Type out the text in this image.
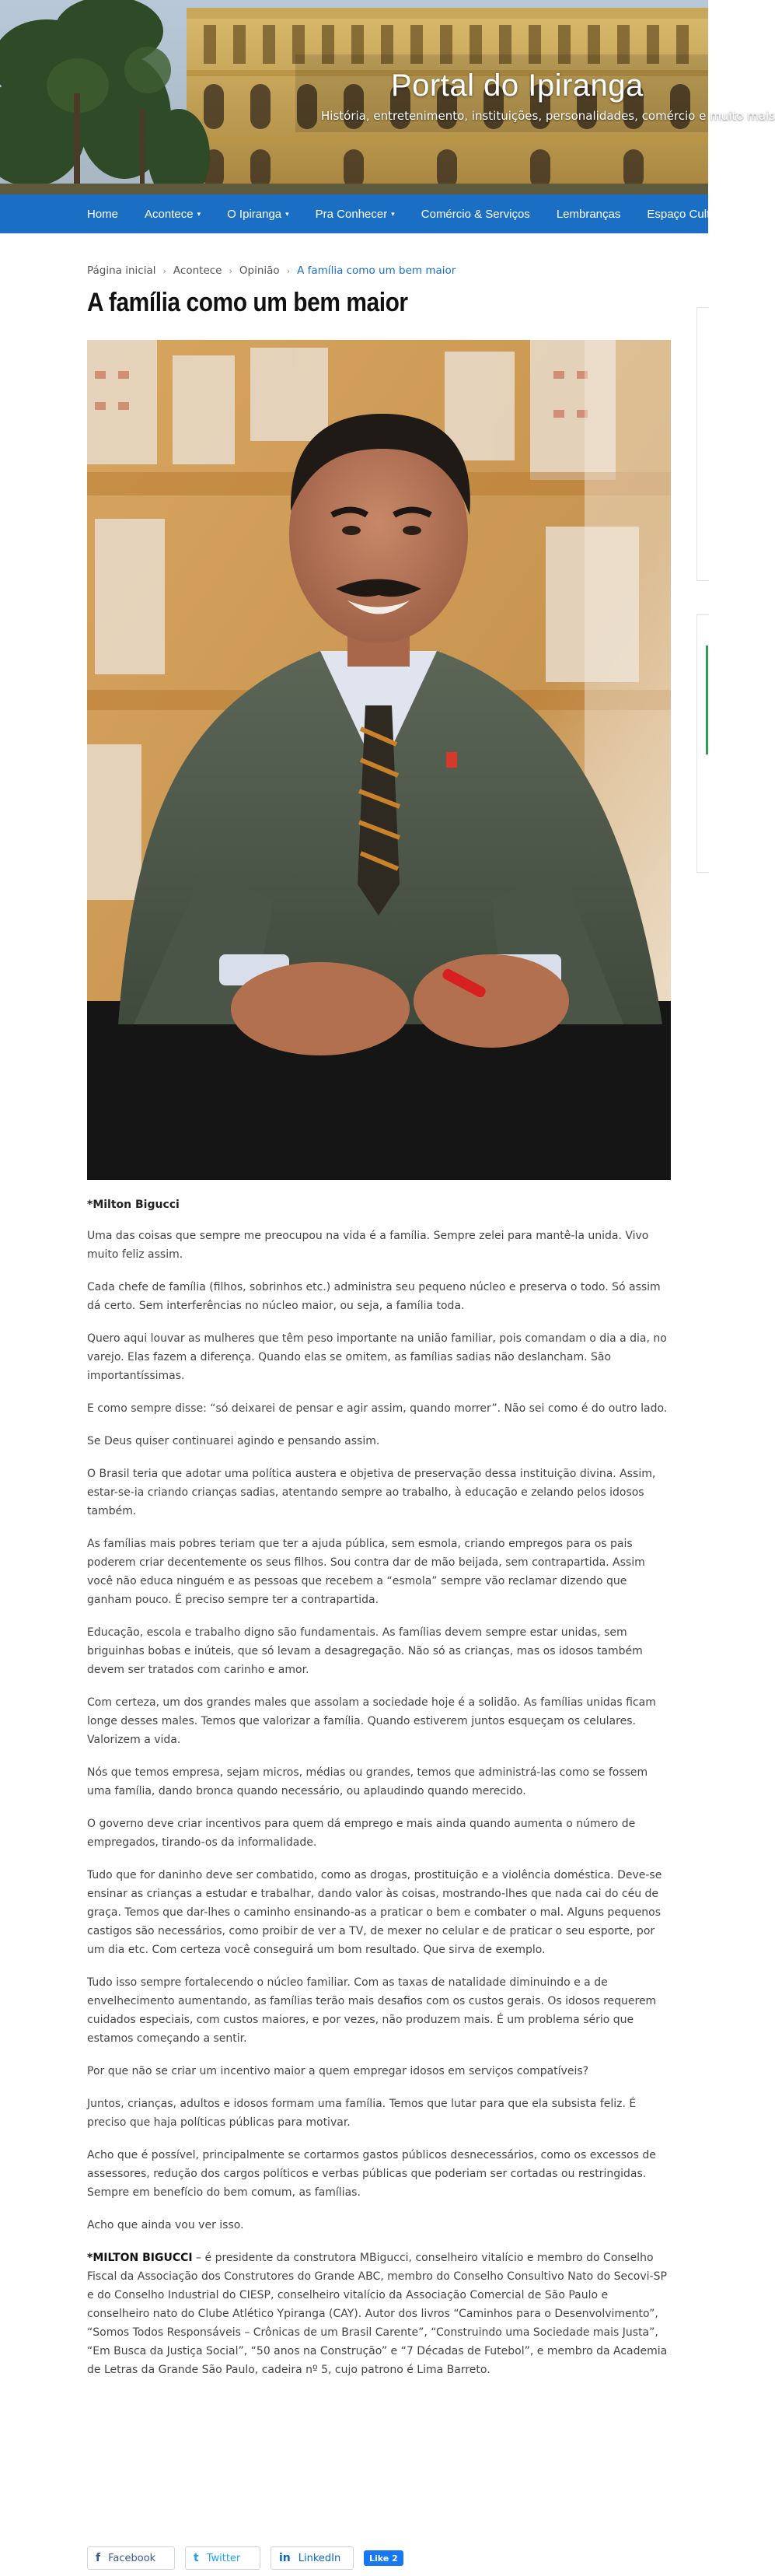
Portal do Ipiranga
História, entretenimento, instituições, personalidades, comércio e muito mais
Home Acontece ▾ O Ipiranga ▾ Pra Conhecer ▾ Comércio & Serviços Lembranças Espaço Cultural
Página inicial › Acontece › Opinião › A família como um bem maior
A família como um bem maior

*Milton Bigucci

Uma das coisas que sempre me preocupou na vida é a família. Sempre zelei para mantê-la unida. Vivo muito feliz assim.

Cada chefe de família (filhos, sobrinhos etc.) administra seu pequeno núcleo e preserva o todo. Só assim dá certo. Sem interferências no núcleo maior, ou seja, a família toda.

Quero aqui louvar as mulheres que têm peso importante na união familiar, pois comandam o dia a dia, no varejo. Elas fazem a diferença. Quando elas se omitem, as famílias sadias não deslancham. São importantíssimas.

E como sempre disse: “só deixarei de pensar e agir assim, quando morrer”. Não sei como é do outro lado.

Se Deus quiser continuarei agindo e pensando assim.

O Brasil teria que adotar uma política austera e objetiva de preservação dessa instituição divina. Assim, estar-se-ia criando crianças sadias, atentando sempre ao trabalho, à educação e zelando pelos idosos também.

As famílias mais pobres teriam que ter a ajuda pública, sem esmola, criando empregos para os pais poderem criar decentemente os seus filhos. Sou contra dar de mão beijada, sem contrapartida. Assim você não educa ninguém e as pessoas que recebem a “esmola” sempre vão reclamar dizendo que ganham pouco. É preciso sempre ter a contrapartida.

Educação, escola e trabalho digno são fundamentais. As famílias devem sempre estar unidas, sem briguinhas bobas e inúteis, que só levam a desagregação. Não só as crianças, mas os idosos também devem ser tratados com carinho e amor.

Com certeza, um dos grandes males que assolam a sociedade hoje é a solidão. As famílias unidas ficam longe desses males. Temos que valorizar a família. Quando estiverem juntos esqueçam os celulares. Valorizem a vida.

Nós que temos empresa, sejam micros, médias ou grandes, temos que administrá-las como se fossem uma família, dando bronca quando necessário, ou aplaudindo quando merecido.

O governo deve criar incentivos para quem dá emprego e mais ainda quando aumenta o número de empregados, tirando-os da informalidade.

Tudo que for daninho deve ser combatido, como as drogas, prostituição e a violência doméstica. Deve-se ensinar as crianças a estudar e trabalhar, dando valor às coisas, mostrando-lhes que nada cai do céu de graça. Temos que dar-lhes o caminho ensinando-as a praticar o bem e combater o mal. Alguns pequenos castigos são necessários, como proibir de ver a TV, de mexer no celular e de praticar o seu esporte, por um dia etc. Com certeza você conseguirá um bom resultado. Que sirva de exemplo.

Tudo isso sempre fortalecendo o núcleo familiar. Com as taxas de natalidade diminuindo e a de envelhecimento aumentando, as famílias terão mais desafios com os custos gerais. Os idosos requerem cuidados especiais, com custos maiores, e por vezes, não produzem mais. É um problema sério que estamos começando a sentir.

Por que não se criar um incentivo maior a quem empregar idosos em serviços compatíveis?

Juntos, crianças, adultos e idosos formam uma família. Temos que lutar para que ela subsista feliz. É preciso que haja políticas públicas para motivar.

Acho que é possível, principalmente se cortarmos gastos públicos desnecessários, como os excessos de assessores, redução dos cargos políticos e verbas públicas que poderiam ser cortadas ou restringidas. Sempre em benefício do bem comum, as famílias.

Acho que ainda vou ver isso.

*MILTON BIGUCCI – é presidente da construtora MBigucci, conselheiro vitalício e membro do Conselho Fiscal da Associação dos Construtores do Grande ABC, membro do Conselho Consultivo Nato do Secovi-SP e do Conselho Industrial do CIESP, conselheiro vitalício da Associação Comercial de São Paulo e conselheiro nato do Clube Atlético Ypiranga (CAY). Autor dos livros “Caminhos para o Desenvolvimento”, “Somos Todos Responsáveis – Crônicas de um Brasil Carente”, “Construindo uma Sociedade mais Justa”, “Em Busca da Justiça Social”, “50 anos na Construção” e “7 Décadas de Futebol”, e membro da Academia de Letras da Grande São Paulo, cadeira nº 5, cujo patrono é Lima Barreto.

f Facebook	t Twitter	in LinkedIn	Like 2
